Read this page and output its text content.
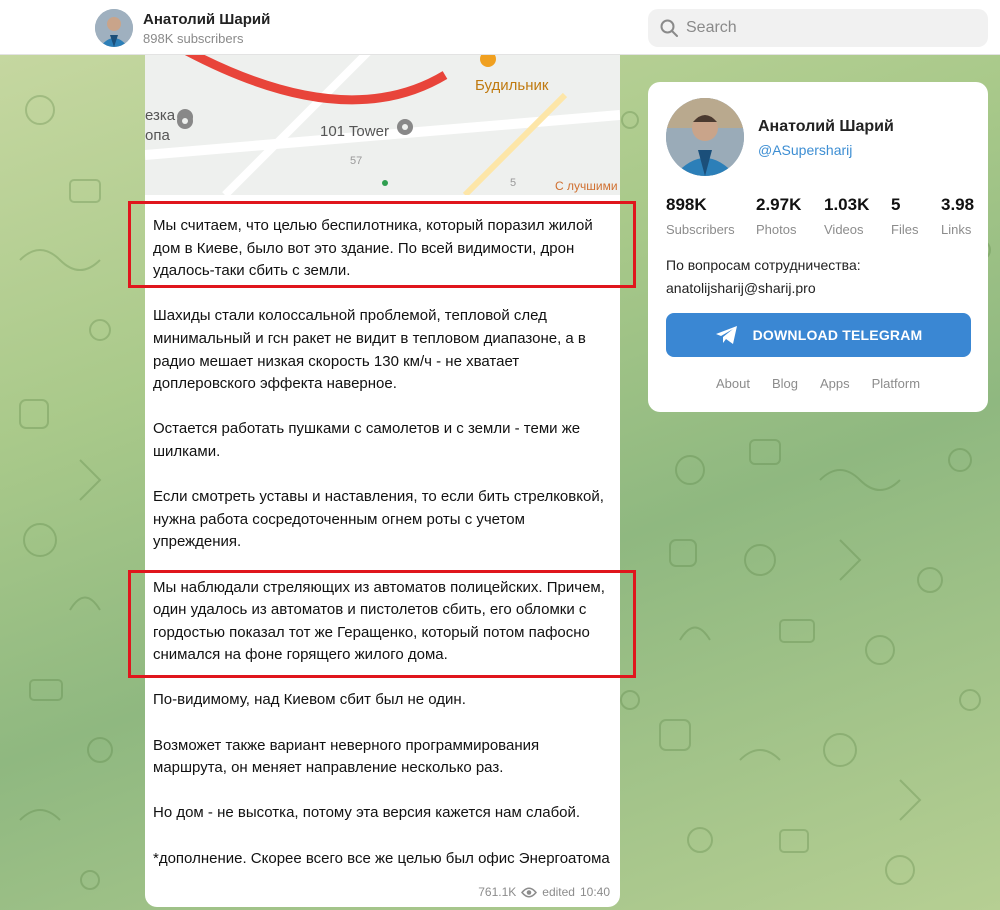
Анатолий Шарий
898K subscribers
Search
Будильник
101 Tower
езка
опа
С лучшими
57
5

Мы считаем, что целью беспилотника, который поразил жилой дом в Киеве, было вот это здание. По всей видимости, дрон удалось-таки сбить с земли.

Шахиды стали колоссальной проблемой, тепловой след минимальный и гсн ракет не видит в тепловом диапазоне, а в радио мешает низкая скорость 130 км/ч - не хватает доплеровского эффекта наверное.

Остается работать пушками с самолетов и с земли - теми же шилками.

Если смотреть уставы и наставления, то если бить стрелковкой, нужна работа сосредоточенным огнем роты с учетом упреждения.

Мы наблюдали стреляющих из автоматов полицейских. Причем, один удалось из автоматов и пистолетов сбить, его обломки с гордостью показал тот же Геращенко, который потом пафосно снимался на фоне горящего жилого дома.

По-видимому, над Киевом сбит был не один.

Возможет также вариант неверного программирования маршрута, он меняет направление несколько раз.

Но дом - не высотка, потому эта версия кажется нам слабой.

*дополнение. Скорее всего все же целью был офис Энергоатома

761.1K edited 10:40
Анатолий Шарий
@ASupersharij
898K
Subscribers
2.97K
Photos
1.03K
Videos
5
Files
3.98
Links
По вопросам сотрудничества:
anatolijsharij@sharij.pro
DOWNLOAD TELEGRAM
About Blog Apps Platform
